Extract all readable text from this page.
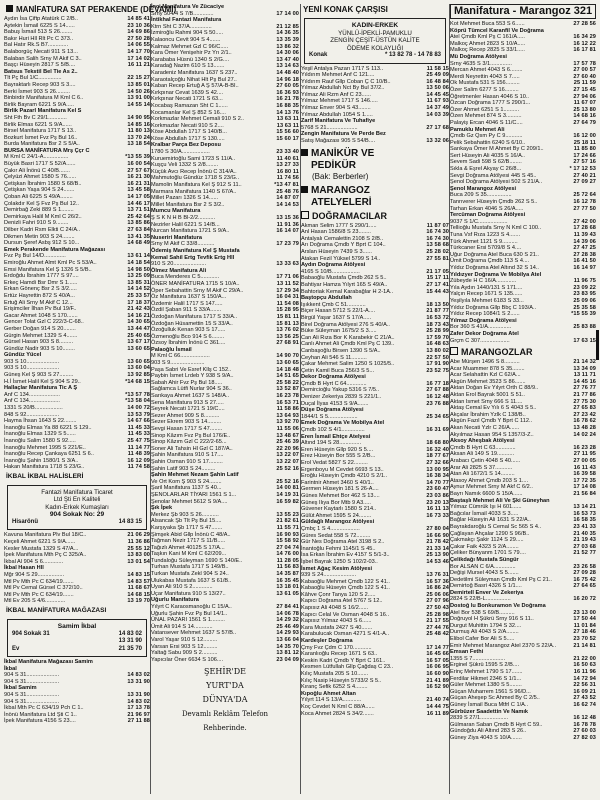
MANİFATURA SAT PERAKENDE (DEVAMI)
Aydın İsa Çiftp Atatürk C 2/B..	14 85 41
Aytekin İsmail 6225 S 14......	23 10 36
Babuş İsmail 513 S 26........	14 69 86
Bakır Huri Hll Rlt Pc C 373..	27 50 28
Bal Hatır Rk.S B7.............	14 06 55
Balaborgüç Necati 911 S 13...	14 17 70
Balaban Salih Srny M Akif C 3..	17 14 02
Başçı Hüseyin 2817 S 5/B....	16 11 21
Batsus Tekstil Bel Tie As 2..
Tlt Pç Bul 1/C...............	22 15 27
Bayraktarlı Recep 903 S 3....	13 85 01
Berki İsmet 903 S 26.........	14 50 26
Binbirdir Manifatura M Kml C 6..	13 91 00
Birlik Bayram 6221 S 9/A.....	14 55 14
Birlik Pazarl Manifatura Kel S
Sht Fth Bv C 29/1............	14 90 95
Birlik Elmas 6221 S 9/A......	14 85 16
Birsel Manifatura 1717 S 13..	11 80 13
Bozkurt İsmet Fvz Pş Bul 16..	13 70 24
Burda Manifatura Bsr 2 S 5/A..	13 18 54
BURSA MANİFATURA Mrş Ççr C
M Kml C 24/1-A................	*13 55 39
Büyük Basri 1717 S 52/A......	16 00 54
Çakır Ali İnönü C 40/B.......	27 57 67
Çelyüzi Ahmet 1580 S 76......	16 21 30
Çetişkan İbrahim 1580 S 68/B..	16 21 31
Çetişkan Yaşa 904 S 24.......	13 45 58
Çoban Ali 6225 S 49/A........	14 17 05
Çolakdır Kel Ş Fvz Pş Bul 12..	14 46 17
Demirbağ Zeki 889 S 1........	13 71 51
Demirkaya Halil M Kml C 26/2..	25 42 64
Denizli Fahri 910 S 9........	13 85 86
Dilber Kadri Rsm Elkti C 24/A..	27 63 84
Dikmen Metin 903 S 24........	13 41 35
Dursun Şeref Asbş 912 S 10...	14 68 49
Emek Perakende Manifatura Mağazası
Fvz Pş Bul 14/D..............	13 61 14
Emiroğlu Ahmet Almt Kml Pc S 53/A..	14 18 54
Emsi Manifatura Kel Ş 1326 S 5/B..	14 98 50
Erdoğdu İbrahim 1777 S 97....	13 25 09
Erkeç Hamdi Bsr Dmr S 1......	13 85 31
Erkan Gönenç Bsr 2 S 3/2.....	14 14 52
Ertüz Hayrettin 872 S 40/A...	25 33 57
Ertuğ Ali Srny M Akif C 12...	17 18 37
Erişimciler İlhan Pv Bul 19/F..	21 42 43
Gacar Ahmet 1048 S 170.......	14 16 21
Gencer Tolat Gzl C 222/3-C-68..	14 30 65
Gerber Doğan 914 S 20........	13 44 47
Gürgin Mehmet 1329 S 4.......	25 40 65
Gürsel Hasan 903 S 8.........	13 67 17
Gündüz Nadir 903 S 10........	13 60 65
Gündüz Yücel
903 S 10.....................	13 60 65
903 S 10.....................	13 60 04
Güneş Kel Ş 903 S 27.........	13 92 85
H.İ İsmet Halil Kel Ş 904 S 29..	*14 68 15
Hallaçlar Manifatura Tic A Ş
Anf C 134....................	*13 57 78
Anf C 134....................	*13 58 04
1331 S 20/B..................	14 00 72
848 S 92.....................	13 53 79
Hayma İhsan 1643 S 22........	14 67 66
İnanoğlu Elmas Ya 88 6221 S 129..	11 45 33
İnanoğlu Elmas 1329 S 5......	11 45 33
İnanoğlu Salim 1580 S 92.....	25 47 75
İnanoğlu Mehmet 1995 S 221/E..	11 14 77
İnanoğlu Recep Çankaya 6251 S 6..	11 48 39
İnanoğlu Şahin 1580/1 S 3/A..	16 12 09
Hakan Manifatura 1718 S 23/G..	11 74 58
İKBAL İKBAL HALİSLERİ
Fantazi Manifatura Ticaret
Ltd Şti En Kaliteli
Kadın-Erkek Kumaşları
904 Sokak No: 29
Hisarönü	14 83 15
Kavuna Manifatura Plv Bul 18/C..	21 06 29
Keçeli Ahmet 6221 S 9/A......	11 36 86
Kesler Mustafa 1329 S 47/A...	25 55 12
İpek Manifatura Mth Pç C 325/A..	13 83 00
İkbal Al 904 S 6.............	13 01 54
İkbal Hasan Hll
Mğr 904 S 29.................	14 83 15
Mtl Pv Mth Pc C 634/19.......	14 83 57
Mtl Pv Cemal Gürsel C 372/10..	11 68 67
Mtl Pv Mth Pc C 634/19.......	14 68 15
Mtl Ev 205 S 4/6.............	13 19 70
İKBAL MANİFATURA MAĞAZASI
Samim İkbal
904 Sokak 31	14 83 02
13 31 90
Ev	21 35 70
İkbal Manifatura Mağazası Samim
İkbal
904 S 31.....................	14 83 02
904 S 31.....................	13 31 90
İkbal Samim
904 S 31.....................	13 31 90
904 S 31.....................	14 83 02
İkbal Mth Pc C 634/19 Pch C 1..	17 13 78
İnönü Manifatura Ltd Şti C 1..	21 96 97
İpek Manifatura 4156 S 23....	27 11 88
İnci Manifatura Ve Zücaciye
Srny 504/4 S 7/B.............	17 14 00
İntikhal Fantazi Manifatura
Ktrn Sht C 37/A..............	21 12 85
İzmiroğlu Rahmi 904 S 50.....	14 36 35
Kalaoncu Cevit 904 S 4.......	13 35 39
Kalmaz Mehmet Gzl C 96/C.....	13 86 32
Kara Ömer Yenişehir Pz Yrı 2/1..	14 30 06
Karababa Hüsnü 1340 S 2/G....	13 47 40
Karadağ Nazim 610 S 13.......	13 14 63
Karadeniz Manifatura 1637 S 237..	14 48 40
Karaotalçoğlu Nihat Hlt Pş Bul 27..	14 96 18
Kaban Recep Ertuğ A Ş 57/A-B-BI..	27 60 05
Kırkpınar Cevat 1639 S 42....	16 36 93
Kırkpınar Necati 1721 S 63...	16 21 78
Kocabaş Ramazan Sht C 1......	16 88 35
Kocamanlar Kel Ş 852 S 16....	14 13 76
Korkmazlar Mehmet Cemali 910 S 2..	13 63 11
Korkmazlar Necati 910 S 2....	13 63 11
Köse Abdullah 1717 S 140/B...	15 56 60
Köse Abdullah 1717 S 130.....	15 60 17
Kralbar Parça Bez Deposu
1780 S 30/A..................	23 33 40
Kuruemirtoğlu Sami 1723 S 11/A..	11 40 61
Kuşçu Veli 1332 S 2/8........	13 27 33
Küçük Avcı Recep İnönü C 314/A..	16 80 11
Mahmutoğlu Gündüz 1718 S 23/G..	11 74 56
Mamolin Manifatura Kel Ş 912 S 11..	*13 47 81
Marmara Manifatura 1140 S 67/A..	25 48 76
Millet Pazarı 1326 S 14......	14 87 07
Millet Manifatura Bsr 2 S 3/2..	14 14 53
Mumcu Manifatura
Ş S K N H B Bl-2/2...........	13 15 36
Nezirler Halil 6221 S 14/B...	11 91 36
Nurcan Manifatura 1721 S 9/A..	16 14 07
Nuseriri Manifatura
Srny M Akif C 33/8...........	17 23 79
Ödemiş Manifatura Kel Ş Mustafa
Kemal Sahil Ertg Tevfik Ertg Hll
910 S 20.....................	13 33 63
Ölmez Manifatura Ali
Buca Menderes C 5............	17 71 06
ÖNER MANİFATURA 1715 S 10/A..	13 11 52
Öper Sebahattin Srny M Akif C 29/A..	17 29 34
Öz Manifatura 1637 S 150/A...	16 04 31
Özdemir Halil 1717 S 147.....	11 54 08
Özdil Şaban 911 S 33/A.......	15 28 95
Özdoğan Manifatura 1717 S 33/A..	15 81 11
Özdoğan Hüsamettin 15 S 33/A..	15 81 13
Özoğulluk Kenan 903 S 17.....	13 76 02
Özmenoğlu Bco 914 S 6........	13 56 25
Özsoy İbrahim İnönü C 361....	27 68 91
Palaoğlu İsmail
M Kml C 66...................	14 90 70
903 S 9......................	13 60 65
Paşa Sabri Ve Esref Kllş C 152..	14 18 48
Paybin İsmet Lrdeb Y 938 S 9/A..	14 51 65
Sabah Ahir Fvz Pş Bul 18.....	25 58 22
Sağlamca Lütfi Nurlar 904 S 36..	13 52 87
Sarıkaya Ahmet 1637 S 148/A..	16 23 78
Sena Manifatura 913 S 27.....	16 53 71
Seyrek Necati 1721 S 19/C....	11 58 86
Sezer Ahmet 909 S 8..........	13 64 93
Sezer Ekrem 903 S 14.........	13 92 70
Sevgi Hasan 1717 S 47........	11 55 06
Sinop Kâzım Fvz Pş Bul 176/E..	13 48 67
Sinop Kâzım Gzl C 222/2-65...	25 46 39
Soner Ali Tahsin Hl Gzl C 187/A..	22 20 96
Şahin Manifatura 910 S 17....	13 22 07
Şahin Osman 910 S 17.........	13 22 07
Şahin Latif 903 S 24.........	25 52 16
Şahin Mehmet Nezam Şahin Latif
Ve Ort Kom Ş 903 S 24........	25 52 16
Şaril Manifatura 1137 S 40...	14 00 81
ŞENOLARLAR TİYARI 1561 S 1...	14 19 31
Şenolar Mehmet 5612 S 9/A....	16 59 82
Şık İpek
Merkez Şb 903 S 26...........	13 55 23
Alsancak Şb Tlt Pş Bul 15....	21 82 61
Karşıyaka Şb 1717 S 47.......	11 55 71
Şimşek Abid Gllp İnönü C 48/A..	16 90 93
Tağman Nezir 1717 S 11/B.....	15 58 92
Tağızlı Ahmet 40125 S 17/A...	27 04 74
Taşkın Kani M Kml C 62/209...	14 76 00
Tundaloğu Süleyman 1690 S 140/E..	11 28 05
Turhan Mustafa 1717 S 149/B..	11 56 83
Turkan Mustafa Zekl 904 S 24..	14 35 87
Ulukabas Mustafa 1637 S 61/B..	16 35 45
Uyan Ali 910 S 2.............	13 18 01
Uçar Manifatura 910 S 13/27..	13 61 05
Uğurlu Manifatura
Yılyrt C Karaosmanoğlu C 15/A..	27 84 41
Uğurlu Şahin Fvz Pş Bul 14/1..	14 06 78
ÜNAL PAZARI 1561 S 1.........	14 29 32
Ümit Ali 914 S 14............	25 46 49
Vatansever Mehmet 1637 S 57/B..	14 29 93
Varol Yaşar 910 S 12.........	13 66 04
Varsan Ersi 903 S 12.........	14 35 70
Yaltağ Sabu 909 S 2..........	13 81 12
Yapıcılar Öner 6634 S 106....	23 04 09
ŞEHİR'DE
YURT'DA
DÜNYA'DA
Devamlı Reklâm Telefon
Rehberinde.
YENİ KONAK ÇARŞISI
KADIN-ERKEK
YÜNLÜ-İPEKLİ-PAMUKLU
ZENGİN ÇEŞİT-ÜSTÜN KALİTE
ÖDEME KOLAYLIĞI
Konak	* 13 82 78 - 14 78 83
Yeşil Antalya Pazarı 1717 S 113..	11 58 15
Yıldırım Mehmet Anf C 121....	25 49 09
Yıldırım Rauf Gllp Coban Ç C 10/B..	16 48 84
Yılmaz Abdullah Nct By Bul 37/2..	13 50 06
Yılmaz Ali Rzm Anf C 23......	14 45 45
Yılmaz Mehmet 1717 S 146.....	11 67 93
Yılmaz Enver 904 S 43........	14 37 49
Yılmaz Abdullah 1054 S 1.....	14 03 39
Zarif Manifatura Ve Tuhafiye
5768 S 21....................	27 17 68
Zengin Manifatura Ve Perde Bez
Satış Mağazası 905 S 54/B....	13 32 06
MANİKÜR VE
PEDİKÜR
(Bak: Berberler)
MARANGOZ
ATELYELERİ
DOĞRAMACILAR
Akman Selim 1777 S 290/1.....	11 87 07
Anl Hasan 1586/8 S 23........	16 74 30
Antalyalı Cemalettin 2108 S 2/B..	16 74 30
Arı Doğrama Çmdb Y Bprt C 104..	13 58 68
Arslan Hüseyin 7439 S 3......	25 28 02
Atakan Fezil Yüksel 5799 S 14..	27 55 81
Aydın Doğrama Atölyesi
4165 S 10/B..................	21 17 05
Babaoğlu Mustafa Çmdb 262 S 5..	15 17 11
Bahtiyar Hamza Yılyrt 165 S 49/A..	27 17 41
Bahtoriak Kemal Karabağlar H 2-1A..	15 44 43
Baştopçu Abdullah
Işıkkent Çmb C 51............	18 13 50
Biçer Hasan 5712 S 22/1-A....	21 87 77
Birgül Yaşar 1637 S 17/A.....	16 53 72
Birel Doğrama Atölyesi 276 S 40/A..	18 73 43
Büke Süleyman 1675/2 S 3.....	25 28 99
Can Ali Rıza Bor K Karabekir C 21/A..	17 59 70
Canlı Ahmet Ali Çmdb Kml Pş C 139..	16 48 63
Canbaşoğlu Birsen 1390 S 5/A..	13 80 02
Ceyhan Ali 546 S 11..........	22 57 50
Çakar Mehmet Salim 1250 S 1025/5..	17 91 90
Çetin Kamil Buca 256/3 S 5...	23 52 75
Dekor Doğrama Atölyesi
Çmdb B Hyrt C 64.............	16 77 18
Demircioğlu Yakup 5316 S 7/5..	27 67 88
Denizer Zekeriya 2839 S 221/1..	16 12 48
Duçal İlyas 4153 S 9/A.......	23 76 88
Düşe Doğrama Atölyesi
1844/1 S 5...................	25 34 65
Emek Doğrama Ve Mobilya Atel
Çmdb 102 S 4/1...............	16 31 69
Eren İsmail Ehtçe Atelyesi
Altınd 194 S 28..............	18 68 80
Eren Hüseyin Gllp 920 S 5....	16 32 40
Erez Hüseyin Bor 555 S 2/B...	18 77 67
Erol Vedat 5827 S 22.........	27 32 66
Ergenboyu M Cevdet 6693 S 13..	13 00 95
Eroğlu Hüseyin Çmdb 4210 S 2/1..	16 38 34
Farintnir Ahmet 3460 S 40/1..	14 70 77
Germen Hüseyin 181 S 26-A....	23 60 47
Günes Mehmet Bor 462 S 13....	23 03 86
Güneş Ilıya Bor Mtb 9 A3.....	23 20 13
Güvener Kaytarlı 1580 S 214..	16 11 13
Gülüt Ahmet 1595 S 24........	16 73 33
Güldağlı Marangoz Atölyesi
Çmbç 1 S 4...................	27 80 04
Güres Sedat 558 S 72.........	16 66 90
Gür Nes Doğrama Atel 3198 S 2..	21 78 42
İnantoğlu Fehmi 1145/1 S 45..	21 33 14
İsa Erkan İbrahim Ev 4157 S 5/1-3..	25 13 90
İşbel Bayrak 1250 S 102/2-03..	14 53 46
İsmet Ağaç Kesim Atölyesi
939 S 24.....................	13 76 31
Kabaoğlu Mehmet Çmdb 122 S 41..	16 57 36
Kabaoğlu Hüseyin Çmdb 122 S 41..	16 86 24
Kâhve Çonr Tanya 120 S 2.....	25 06 06
Kapıcı Doğrama Atel 5767 S 12..	27 07 96
Kapısız Ali 4048 S 16/2......	27 50 43
Kapıcı Celal Ve Osman 4048 S 16..	25 28 98
Kapısız Yılmaz 4043 S 6......	21 17 55
Kara Mustafa 2427 S 40.......	27 44 76
Karabulucak Osman 4271 S 4/1-A..	25 48 42
Kardeşler Doğrama
Çmy Fvz Çdm C 170............	17 14 77
Karanlıoğlu Recep 1671 S 63..	16 45 66
Keskin Kadri Çmdb Y Bprt C 161..	16 57 05
Kesmen Lütfullah Gllp Çağdaş C 23..	16 06 95
Kılıç Mustafa 205 S 10.......	16 60 90
Kılıç Nasip Hüseyin 5733/2 S 5..	21 41 89
Kıranç Sefik 6252 S 4........	16 52 90
Kıpoğlu Ahmet Altan
Yılyrt 114 S 13/A............	21 40 74
Koç Cevdet N Kml C 88/A......	14 44 75
Koca Ahmet 2824 S 34/2.......	16 11 89
Manifatura - Marangoz 321
Kot Mehmet Buca 553 S 6......	27 28 56
Köprü Tümcel Karanfil Ve Doğrama
Atel Çmdb Kml Pş C 161/A.....	16 34 29
Malkoç Ahmet 2823 S 10/A.....	16 12 22
Malkoç Recep 2825 S 33/1.....	16 17 81
Mü Doğrama Atölyesi
Srny 4635 S 3/1..............	17 57 78
Mercan Ahmet 4043 S 6........	27 00 57
Merdi Neyrettin 4043 S 7.....	27 60 40
Ok Mustafa 531 S 156.........	25 11 59
Özer Salim 6277 S 16.........	27 15 45
Öğretmenler Hasan 4046 S 10..	27 94 06
Özcan Doğrama 1777 S 290/1...	11 67 07
Özer Ahmet 6251 S 1..........	25 13 80
Özen Mehmet 874 S 3..........	14 68 16
Palayiş Ercan 4046 S 11/C....	27 64 79
Pamuklu Mehmet Ali
Çmdb Gz Qsm Py C 9...........	16 12 00
Pelik Sebahattin 6240 S 6/10..	25 18 11
Sarıkaya Ömer M Ahmet By C 209/1..	11 85 80
Sert Hüseyin Ali 4035 S 16/A..	17 24 66
Sevem Sadi 598 S 62/B........	27 57 16
Sıkla & Eşrel Akyay C 26/8...	* 17 12 53
Sevgi Doğrama Atölyesi 445 S 45..	27 40 21
Şenol Doğrama Atölyesi 502 S 21/A..	27 09 27
Şenol Marangoz Atölyesi
Buca 209 S 35................	25 72 64
Tanrıverer Hüseyin Çmdb 262 S 5..	16 12 78
Tarhan Erkan 4046 S 26/A.....	27 77 50
Tercüman Doğrama Atölyesi
9037 S 1/C...................	27 42 00
Tellioğlu Mustafa Srny N Kml C 100..	17 28 68
Tuna Vsf Rıza 1223 S 4.......	11 39 43
Türk Ahmet 1121 S 9..........	14 39 06
Türkcaner Ersi 5709/8 S 4....	27 47 25
Uğur Doğrama Atel Buca 630 S 21..	27 28 38
Ümit Doğrama Çmdb 113 S 4....	16 41 50
Yıldız Doğrama Atel Altınd 32 S 14..	16 14 97
Yıldızyer Doğrama Ve Mobilya Atel
Zübeyde H C 16/A.............	11 96 75
Yıla Aydın 1440/131 S 171....	23 09 22
Yalçın Recep 1671 S 135......	23 83 95
Yeşilyıla Mehmet 6183 S 33...	25 09 06
Yıldız Doğrama Gllp Bbç C 193/A..	25 35 58
Yıldız Recep 1084/1 S 2......	*15 55 39
Yılmaz Doğrama Atölyesi
Bor 360 S 41/A...............	25 83 88
Zafer Dekor Doğrama Atel
Grçm C 307...................	17 63 15
MARANGOZLAR
Abe Mürşen 1496 S 8..........	21 14 32
Acar Muammer 878 S 35........	13 34 09
Acar Selahattin Kzl C 62/A...	13 11 71
Akgün Mehmet 3523 S 86.......	14 45 16
Aktan Doğan Ev Yılyrt Orth C 88/9..	27 76 77
Aktan Erol Bayrak 5001 S 51..	21 77 86
Aktan Ismet Srny 666 S 11....	27 75 30
Aktaş Cemal Ev Yılı 6 S 4043 S 5..	27 65 83
Akçalar İbrahim Yzlk C 138/B..	27 23 42
Akgün Fazıl Çmdb Y Bprt C 112..	16 78 62
Akan Necati Yzlr C 26/A......	13 48 28
Akyılmaz Hasan 954 S 1357/3-Z..	14 02 24
Aksoy Aheşbak Atölyesi
Çmdb B Hyrt C 63.............	16 23 28
Aksan Ali 149 S 19...........	27 11 95
Arabacı Çetin 4048 S 40......	27 00 05
Arar Ali 2825 S 37...........	16 11 43
Atan Ali 1672/1 S 14.........	16 39 58
Atasoy Ahmet Çmdb 203 S 1....	17 72 35
Aynur Mehmet Srny M Akf C 6/2..	17 14 08
Bayrı Namık 6600 S 15/A......	21 56 84
Baştaşlı Mehmet Ali Ve Şki Güneyhan
Yılmaz Cümrük Işı H 601......	13 14 21
Bağcılar İsmail 4033 S 3.....	16 53 73
Bağlar Hüseyin Ali 1631 S 22/A..	16 58 35
Bayrakdaroğlu S Cemal Sc 565 S 4..	23 41 33
Çağlayan Ahçalar 1290 S 96/B..	21 40 35
Çakmakçı Şakir 1124 S 29.....	21 19 43
Çakar Faik 4323 S 2/A........	27 03 68
Çeliker Bünyanm 1701 S 79....	21 52 77
Çelikdağı Mustafa Süngür
Bor ALSAN C 6/A..............	23 26 58
Değişi Mursel 4043 S 5.......	27 09 28
Dedetilmi Süleyman Çmdb Kml Pş C 21..	16 75 42
Demirtoğ Basri 4326 S 1/1....	27 64 65
Demirtell Enver Ve Zekeriya
2824 S 22/B-L................	16 20 72
Dostoğ lu Bonkuramon Ve Doğrama
Atel Bor 538 S 69/B..........	23 13 00
Doğruyol H Şükrü Srny 916 S 11..	17 50 44
Durgut Muhittin 1794 S 32....	11 01 84
Durmuş Ali 4043 S 2/A........	27 18 46
Elibol Cafer Bor Ali S 5.....	23 70 52
Emir Mehmet Marangoz Atel 2370 S 22/A..	21 14 81
Emsan Fethi
1355 S 7.....................	21 22 00
Erginel Şükrü 1595 S 2/B....	16 50 63
Erinç Mehmet 1790 S 17.......	16 11 96
Ferdilar Hikmet 2346 S 1/1...	14 72 94
Güler Mehmet 1380 S 5........	22 56 31
Güçan Muharrem 1561 S 96/D...	16 09 21
Güçan Aheşep Sc Ahmed By C 2/5..	27 43 52
Güney İsmail Buca Mtfrl C 1/A..	16 62 74
Gürbüzer Saadettin Ve Namık
2839 S 27/1..................	16 12 48
Gülmaran Saban Çmdb B Hyrt C 59..	16 78 78
Gündoğdu Ali Altınd 283 S 26..	27 60 03
Güney Ziya 4043 S 10/A.......	27 82 03
